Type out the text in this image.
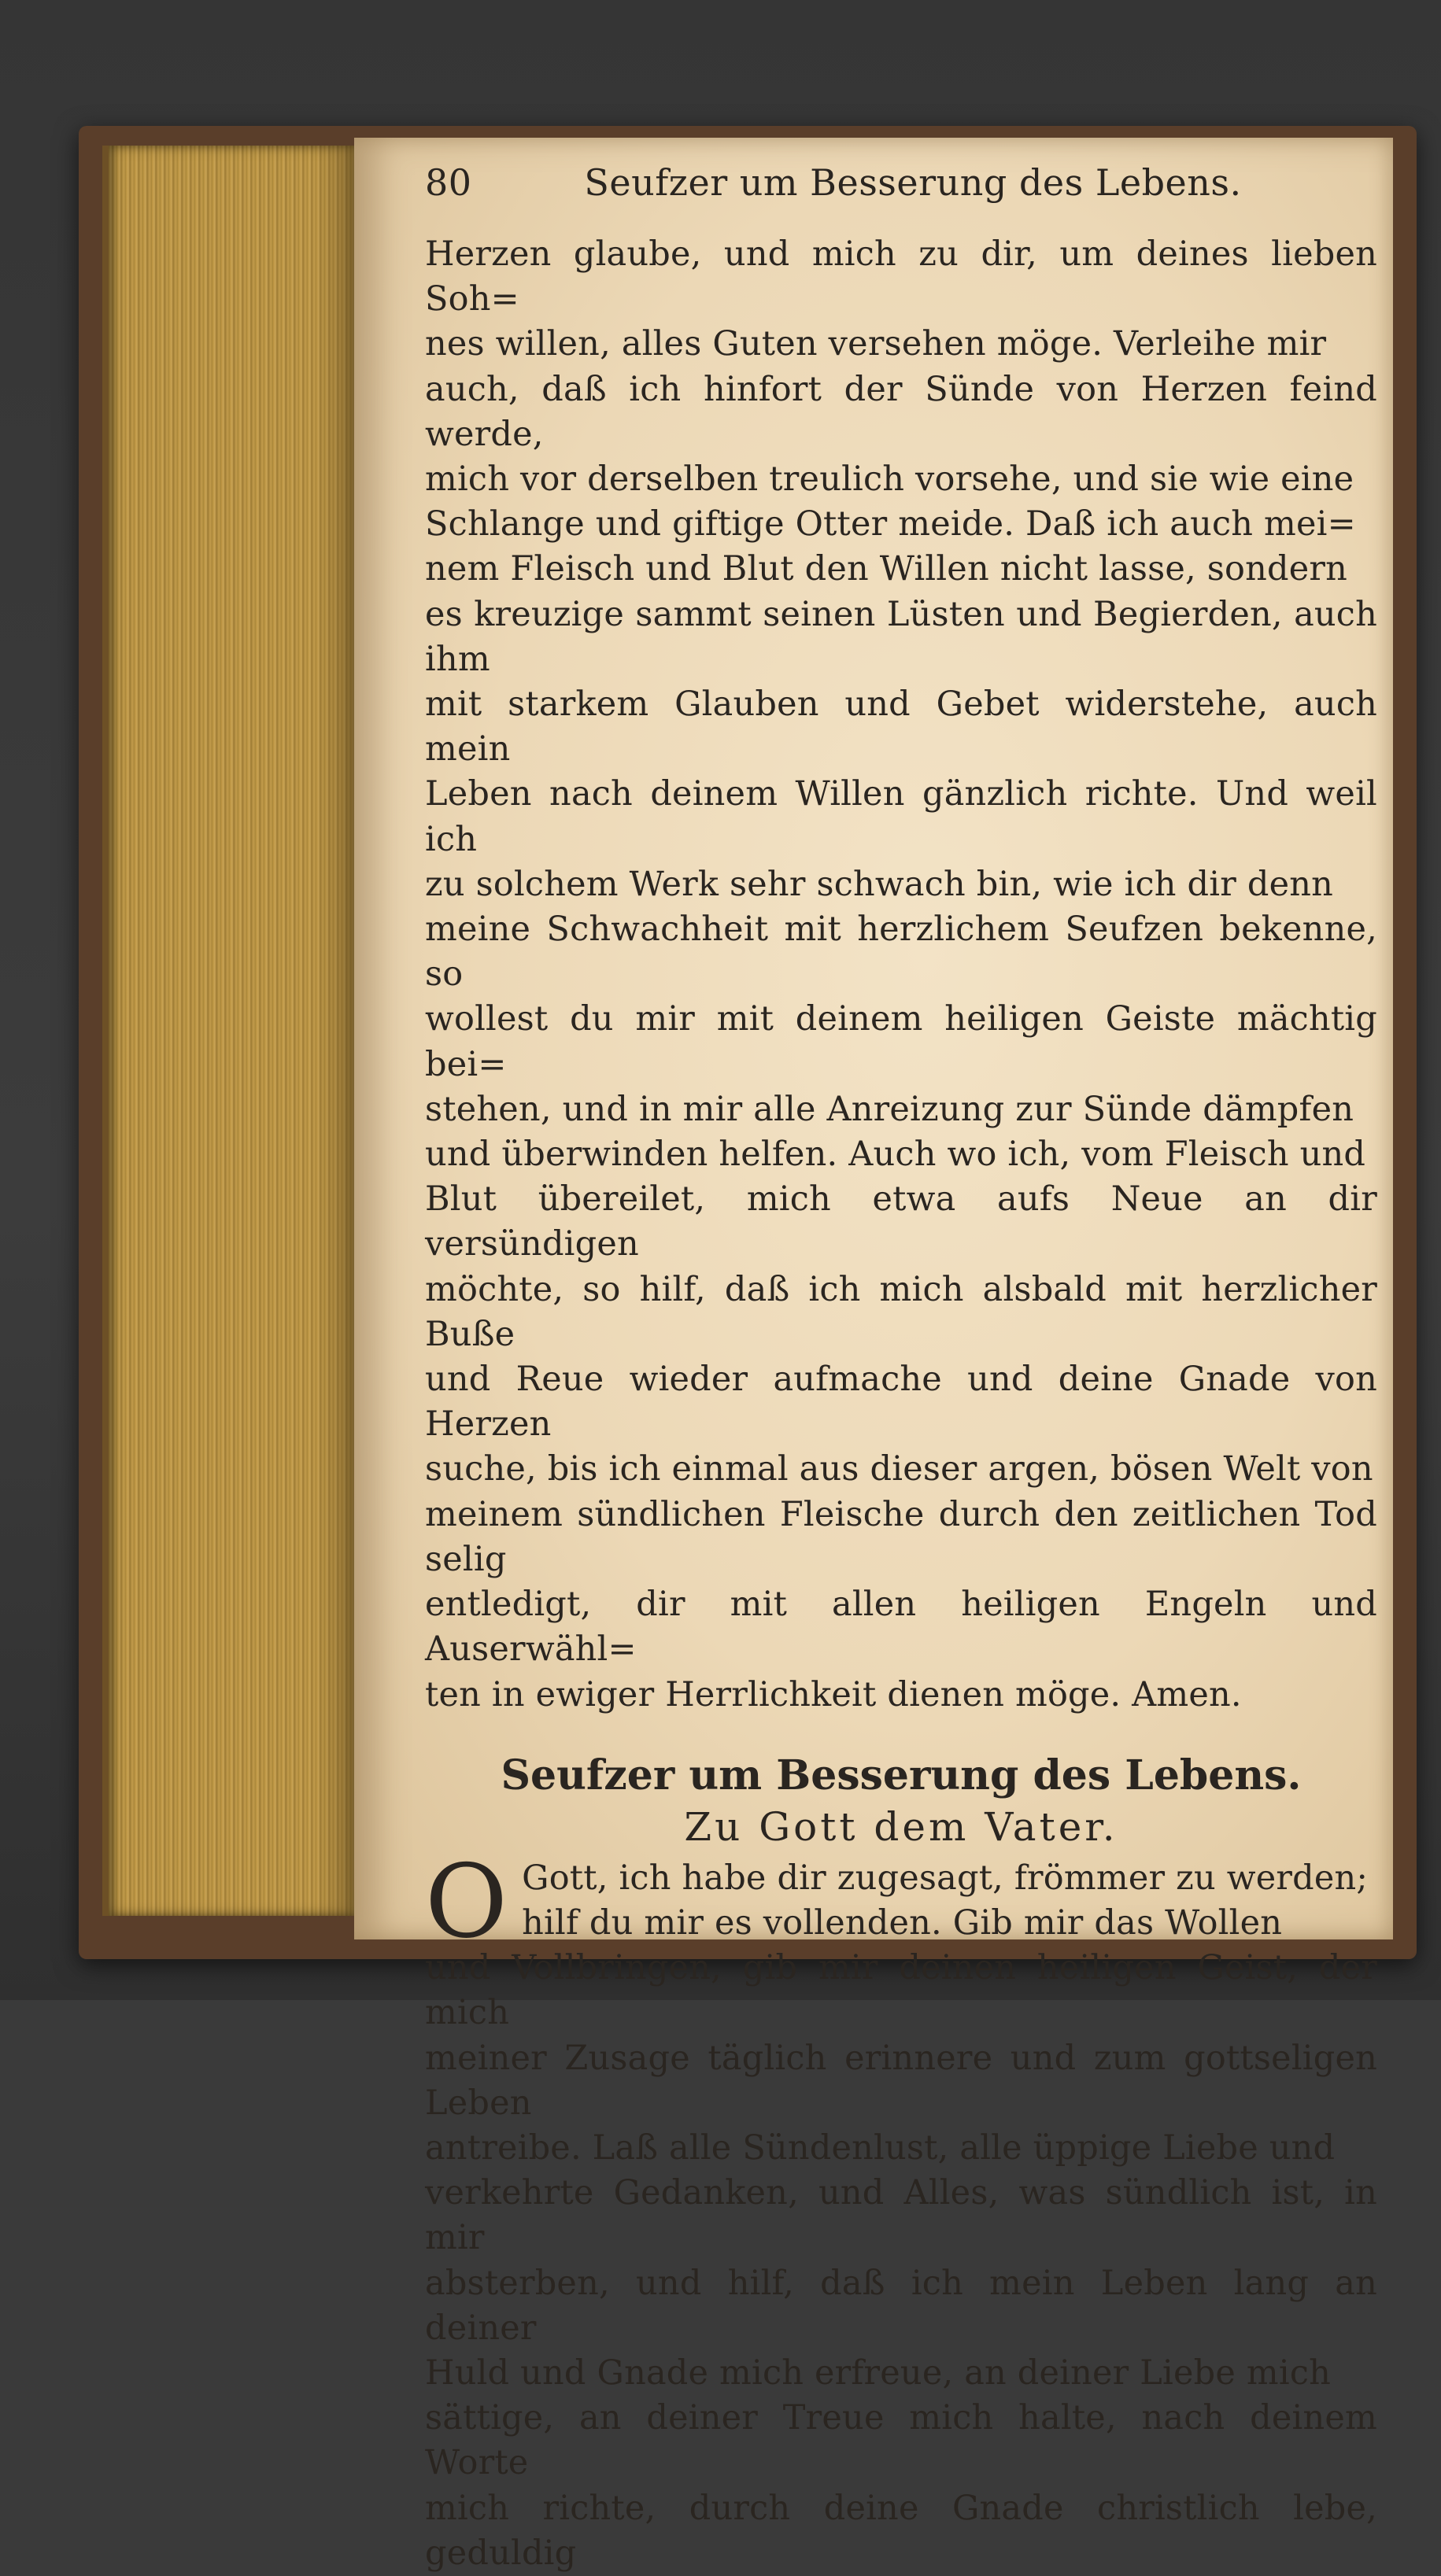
80	Seufzer um Besserung des Lebens.
Herzen glaube, und mich zu dir, um deines lieben Soh=
nes willen, alles Guten versehen möge. Verleihe mir
auch, daß ich hinfort der Sünde von Herzen feind werde,
mich vor derselben treulich vorsehe, und sie wie eine
Schlange und giftige Otter meide. Daß ich auch mei=
nem Fleisch und Blut den Willen nicht lasse, sondern
es kreuzige sammt seinen Lüsten und Begierden, auch ihm
mit starkem Glauben und Gebet widerstehe, auch mein
Leben nach deinem Willen gänzlich richte. Und weil ich
zu solchem Werk sehr schwach bin, wie ich dir denn
meine Schwachheit mit herzlichem Seufzen bekenne, so
wollest du mir mit deinem heiligen Geiste mächtig bei=
stehen, und in mir alle Anreizung zur Sünde dämpfen
und überwinden helfen. Auch wo ich, vom Fleisch und
Blut übereilet, mich etwa aufs Neue an dir versündigen
möchte, so hilf, daß ich mich alsbald mit herzlicher Buße
und Reue wieder aufmache und deine Gnade von Herzen
suche, bis ich einmal aus dieser argen, bösen Welt von
meinem sündlichen Fleische durch den zeitlichen Tod selig
entledigt, dir mit allen heiligen Engeln und Auserwähl=
ten in ewiger Herrlichkeit dienen möge. Amen.
Seufzer um Besserung des Lebens.
Zu Gott dem Vater.
O Gott, ich habe dir zugesagt, frömmer zu werden;
hilf du mir es vollenden. Gib mir das Wollen
und Vollbringen, gib mir deinen heiligen Geist, der mich
meiner Zusage täglich erinnere und zum gottseligen Leben
antreibe. Laß alle Sündenlust, alle üppige Liebe und
verkehrte Gedanken, und Alles, was sündlich ist, in mir
absterben, und hilf, daß ich mein Leben lang an deiner
Huld und Gnade mich erfreue, an deiner Liebe mich
sättige, an deiner Treue mich halte, nach deinem Worte
mich richte, durch deine Gnade christlich lebe, geduldig
